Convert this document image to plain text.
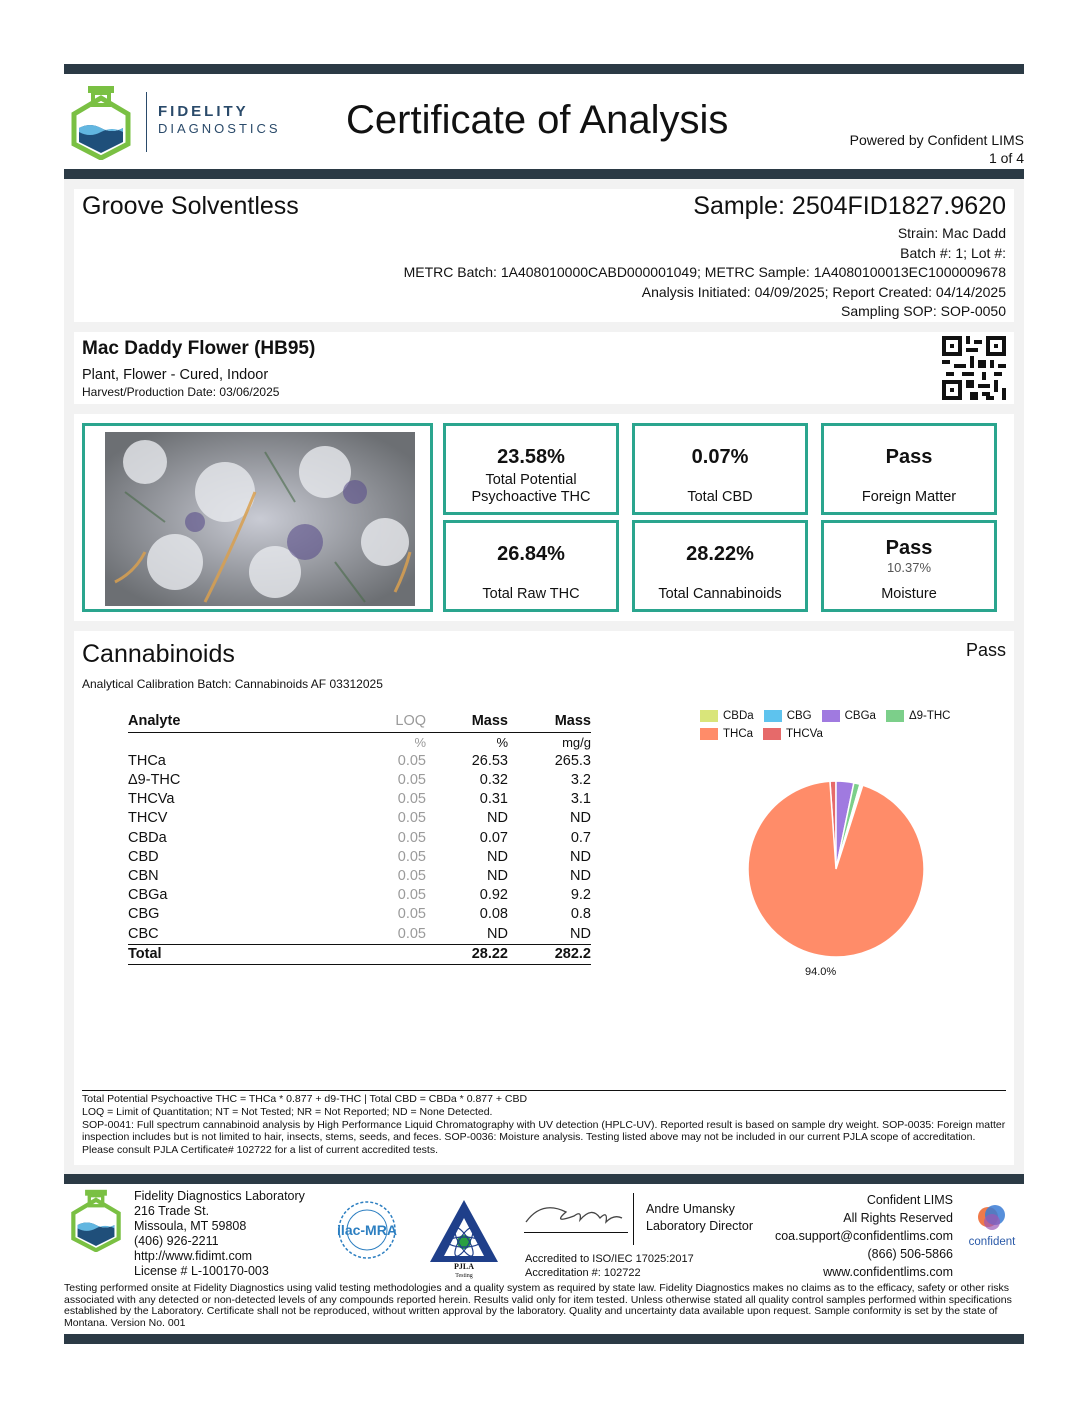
FIDELITY
DIAGNOSTICS Certificate of Analysis	Powered by Confident LIMS
1 of 4
Groove Solventless	Sample: 2504FID1827.9620
Strain: Mac Dadd
Batch #: 1; Lot #:
METRC Batch: 1A408010000CABD000001049; METRC Sample: 1A4080100013EC1000009678
Analysis Initiated: 04/09/2025; Report Created: 04/14/2025
Sampling SOP: SOP-0050
Mac Daddy Flower (HB95)
Plant, Flower - Cured, Indoor
Harvest/Production Date: 03/06/2025
23.58%
Total Potential
Psychoactive THC
0.07%
Total CBD
Pass
Foreign Matter
26.84%
Total Raw THC
28.22%
Total Cannabinoids
Pass
10.37%
Moisture
Cannabinoids	Pass
Analytical Calibration Batch: Cannabinoids AF 03312025
Analyte	LOQ	Mass	Mass
	%	%	mg/g
THCa	0.05	26.53	265.3
Δ9-THC	0.05	0.32	3.2
THCVa	0.05	0.31	3.1
THCV	0.05	ND	ND
CBDa	0.05	0.07	0.7
CBD	0.05	ND	ND
CBN	0.05	ND	ND
CBGa	0.05	0.92	9.2
CBG	0.05	0.08	0.8
CBC	0.05	ND	ND
Total		28.22	282.2
CBDa	CBG	CBGa	Δ9-THC
THCa	THCVa
94.0%
Total Potential Psychoactive THC = THCa * 0.877 + d9-THC | Total CBD = CBDa * 0.877 + CBD
LOQ = Limit of Quantitation; NT = Not Tested; NR = Not Reported; ND = None Detected.
SOP-0041: Full spectrum cannabinoid analysis by High Performance Liquid Chromatography with UV detection (HPLC-UV). Reported result is based on sample dry weight. SOP-0035: Foreign matter inspection includes but is not limited to hair, insects, stems, seeds, and feces. SOP-0036: Moisture analysis. Testing listed above may not be included in our current PJLA scope of accreditation. Please consult PJLA Certificate# 102722 for a list of current accredited tests.
Fidelity Diagnostics Laboratory
216 Trade St.
Missoula, MT 59808
(406) 926-2211
http://www.fidimt.com
License # L-100170-003
ilac-MRA
PJLA
Testing
Andre Umansky
Laboratory Director
Accredited to ISO/IEC 17025:2017
Accreditation #: 102722
Confident LIMS
All Rights Reserved
coa.support@confidentlims.com
(866) 506-5866
www.confidentlims.com
confident
Testing performed onsite at Fidelity Diagnostics using valid testing methodologies and a quality system as required by state law. Fidelity Diagnostics makes no claims as to the efficacy, safety or other risks associated with any detected or non-detected levels of any compounds reported herein. Results valid only for item tested. Unless otherwise stated all quality control samples performed within specifications established by the Laboratory. Certificate shall not be reproduced, without written approval by the laboratory. Quality and uncertainty data available upon request. Sample conformity is set by the state of Montana. Version No. 001
